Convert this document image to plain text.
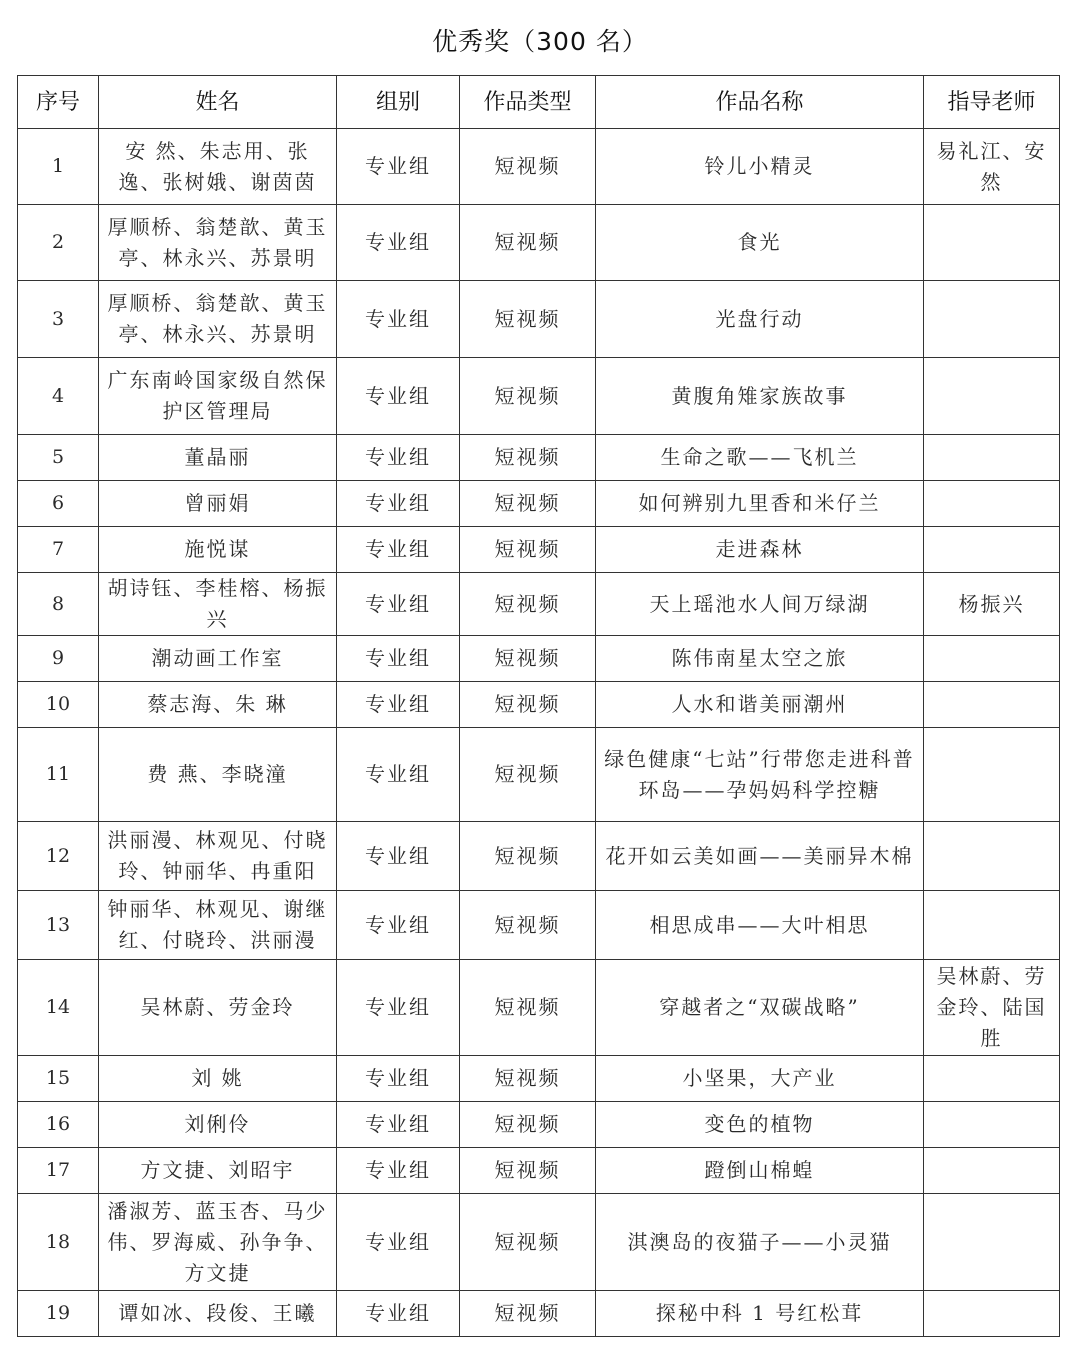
优秀奖（300 名）
序号	姓名	组别	作品类型	作品名称	指导老师
1	安 然、朱志用、张逸、张树娥、谢茵茵	专业组	短视频	铃儿小精灵	易礼江、安 然
2	厚顺桥、翁楚歆、黄玉亭、林永兴、苏景明	专业组	短视频	食光	
3	厚顺桥、翁楚歆、黄玉亭、林永兴、苏景明	专业组	短视频	光盘行动	
4	广东南岭国家级自然保护区管理局	专业组	短视频	黄腹角雉家族故事	
5	董晶丽	专业组	短视频	生命之歌——飞机兰	
6	曾丽娟	专业组	短视频	如何辨别九里香和米仔兰	
7	施悦谋	专业组	短视频	走进森林	
8	胡诗钰、李桂榕、杨振兴	专业组	短视频	天上瑶池水人间万绿湖	杨振兴
9	潮动画工作室	专业组	短视频	陈伟南星太空之旅	
10	蔡志海、朱 琳	专业组	短视频	人水和谐美丽潮州	
11	费 燕、李晓潼	专业组	短视频	绿色健康“七站”行带您走进科普环岛——孕妈妈科学控糖	
12	洪丽漫、林观见、付晓玲、钟丽华、冉重阳	专业组	短视频	花开如云美如画——美丽异木棉	
13	钟丽华、林观见、谢继红、付晓玲、洪丽漫	专业组	短视频	相思成串——大叶相思	
14	吴林蔚、劳金玲	专业组	短视频	穿越者之“双碳战略”	吴林蔚、劳金玲、陆国胜
15	刘 姚	专业组	短视频	小坚果，大产业	
16	刘俐伶	专业组	短视频	变色的植物	
17	方文捷、刘昭宇	专业组	短视频	蹬倒山棉蝗	
18	潘淑芳、蓝玉杏、马少伟、罗海威、孙争争、方文捷	专业组	短视频	淇澳岛的夜猫子——小灵猫	
19	谭如冰、段俊、王曦	专业组	短视频	探秘中科 1 号红松茸	
